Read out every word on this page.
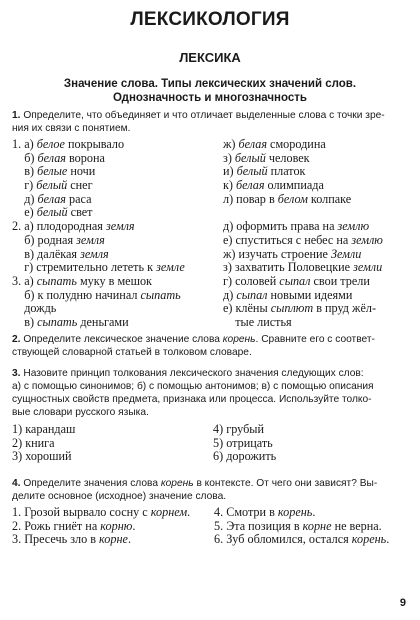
ЛЕКСИКОЛОГИЯ
ЛЕКСИКА
Значение слова. Типы лексических значений слов.
Однозначность и многозначность
1. Определите, что объединяет и что отличает выделенные слова с точки зре-
ния их связи с понятием.
1. а) белое покрывало	ж) белая смородина
б) белая ворона	з) белый человек
в) белые ночи	и) белый платок
г) белый снег	к) белая олимпиада
д) белая раса	л) повар в белом колпаке
е) белый свет
2. а) плодородная земля	д) оформить права на землю
б) родная земля	е) спуститься с небес на землю
в) далёкая земля	ж) изучать строение Земли
г) стремительно лететь к земле	з) захватить Половецкие земли
3. а) сыпать муку в мешок	г) соловей сыпал свои трели
б) к полудню начинал сыпать	д) сыпал новыми идеями
дождь	е) клёны сыплют в пруд жёл-
в) сыпать деньгами	тые листья
2. Определите лексическое значение слова корень. Сравните его с соответ-
ствующей словарной статьей в толковом словаре.
3. Назовите принцип толкования лексического значения следующих слов:
а) с помощью синонимов; б) с помощью антонимов; в) с помощью описания
сущностных свойств предмета, признака или процесса. Используйте толко-
вые словари русского языка.
1) карандаш	4) грубый
2) книга	5) отрицать
3) хороший	6) дорожить
4. Определите значения слова корень в контексте. От чего они зависят? Вы-
делите основное (исходное) значение слова.
1. Грозой вырвало сосну с корнем. 4. Смотри в корень.
2. Рожь гниёт на корню.	5. Эта позиция в корне не верна.
3. Пресечь зло в корне.	6. Зуб обломился, остался корень.
9
